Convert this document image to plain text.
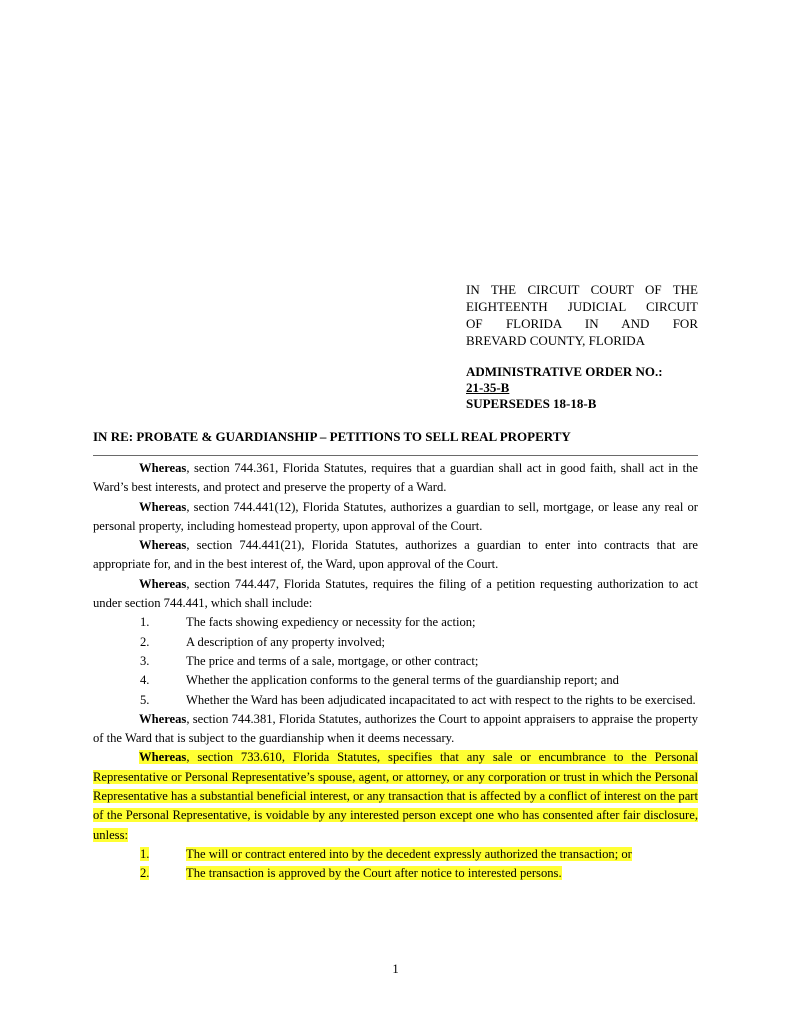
IN THE CIRCUIT COURT OF THE
EIGHTEENTH JUDICIAL CIRCUIT
OF FLORIDA IN AND FOR
BREVARD COUNTY, FLORIDA
ADMINISTRATIVE ORDER NO.:
21-35-B
SUPERSEDES 18-18-B
IN RE: PROBATE & GUARDIANSHIP – PETITIONS TO SELL REAL PROPERTY

Whereas, section 744.361, Florida Statutes, requires that a guardian shall act in good faith, shall act in the Ward’s best interests, and protect and preserve the property of a Ward.

Whereas, section 744.441(12), Florida Statutes, authorizes a guardian to sell, mortgage, or lease any real or personal property, including homestead property, upon approval of the Court.

Whereas, section 744.441(21), Florida Statutes, authorizes a guardian to enter into contracts that are appropriate for, and in the best interest of, the Ward, upon approval of the Court.

Whereas, section 744.447, Florida Statutes, requires the filing of a petition requesting authorization to act under section 744.441, which shall include:

1.	The facts showing expediency or necessity for the action;
2.	A description of any property involved;
3.	The price and terms of a sale, mortgage, or other contract;
4.	Whether the application conforms to the general terms of the guardianship report; and
5.	Whether the Ward has been adjudicated incapacitated to act with respect to the rights to be exercised.

Whereas, section 744.381, Florida Statutes, authorizes the Court to appoint appraisers to appraise the property of the Ward that is subject to the guardianship when it deems necessary.

Whereas, section 733.610, Florida Statutes, specifies that any sale or encumbrance to the Personal Representative or Personal Representative’s spouse, agent, or attorney, or any corporation or trust in which the Personal Representative has a substantial beneficial interest, or any transaction that is affected by a conflict of interest on the part of the Personal Representative, is voidable by any interested person except one who has consented after fair disclosure, unless:

1.	The will or contract entered into by the decedent expressly authorized the transaction; or
2.	The transaction is approved by the Court after notice to interested persons.
1
